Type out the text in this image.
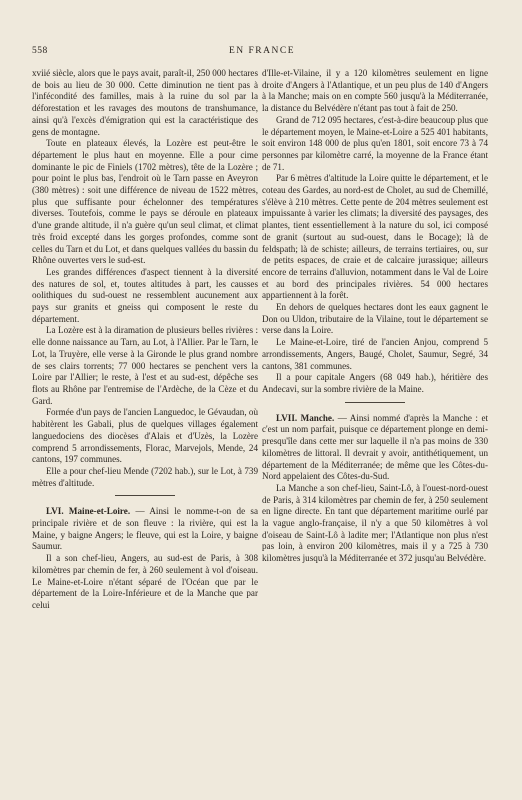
558	EN FRANCE

xviié siècle, alors que le pays avait, paraît-il, 250 000 hectares de bois au lieu de 30 000. Cette diminution ne tient pas à l'infécondité des familles, mais à la ruine du sol par la déforestation et les ravages des moutons de transhumance, ainsi qu'à l'excès d'émigration qui est la caractéristique des gens de montagne.

Toute en plateaux élevés, la Lozère est peut-être le département le plus haut en moyenne. Elle a pour cime dominante le pic de Finiels (1702 mètres), tête de la Lozère ; pour point le plus bas, l'endroit où le Tarn passe en Aveyron (380 mètres) : soit une différence de niveau de 1522 mètres, plus que suffisante pour échelonner des températures diverses. Toutefois, comme le pays se déroule en plateaux d'une grande altitude, il n'a guère qu'un seul climat, et climat très froid excepté dans les gorges profondes, comme sont celles du Tarn et du Lot, et dans quelques vallées du bassin du Rhône ouvertes vers le sud-est.

Les grandes différences d'aspect tiennent à la diversité des natures de sol, et, toutes altitudes à part, les causses oolithiques du sud-ouest ne ressemblent aucunement aux pays sur granits et gneiss qui composent le reste du département.

La Lozère est à la diramation de plusieurs belles rivières : elle donne naissance au Tarn, au Lot, à l'Allier. Par le Tarn, le Lot, la Truyère, elle verse à la Gironde le plus grand nombre de ses clairs torrents; 77 000 hectares se penchent vers la Loire par l'Allier; le reste, à l'est et au sud-est, dépêche ses flots au Rhône par l'entremise de l'Ardèche, de la Cèze et du Gard.

Formée d'un pays de l'ancien Languedoc, le Gévaudan, où habitèrent les Gabali, plus de quelques villages également languedociens des diocèses d'Alais et d'Uzès, la Lozère comprend 5 arrondissements, Florac, Marvejols, Mende, 24 cantons, 197 communes.

Elle a pour chef-lieu Mende (7202 hab.), sur le Lot, à 739 mètres d'altitude.

LVI. Maine-et-Loire. — Ainsi le nomme-t-on de sa principale rivière et de son fleuve : la rivière, qui est la Maine, y baigne Angers; le fleuve, qui est la Loire, y baigne Saumur.

Il a son chef-lieu, Angers, au sud-est de Paris, à 308 kilomètres par chemin de fer, à 260 seulement à vol d'oiseau. Le Maine-et-Loire n'étant séparé de l'Océan que par le département de la Loire-Inférieure et de la Manche que par celui

d'Ille-et-Vilaine, il y a 120 kilomètres seulement en ligne droite d'Angers à l'Atlantique, et un peu plus de 140 d'Angers à la Manche; mais on en compte 560 jusqu'à la Méditerranée, la distance du Belvédère n'étant pas tout à fait de 250.

Grand de 712 095 hectares, c'est-à-dire beaucoup plus que le département moyen, le Maine-et-Loire a 525 401 habitants, soit environ 148 000 de plus qu'en 1801, soit encore 73 à 74 personnes par kilomètre carré, la moyenne de la France étant de 71.

Par 6 mètres d'altitude la Loire quitte le département, et le coteau des Gardes, au nord-est de Cholet, au sud de Chemillé, s'élève à 210 mètres. Cette pente de 204 mètres seulement est impuissante à varier les climats; la diversité des paysages, des plantes, tient essentiellement à la nature du sol, ici composé de granit (surtout au sud-ouest, dans le Bocage); là de feldspath; là de schiste; ailleurs, de terrains tertiaires, ou, sur de petits espaces, de craie et de calcaire jurassique; ailleurs encore de terrains d'alluvion, notamment dans le Val de Loire et au bord des principales rivières. 54 000 hectares appartiennent à la forêt.

En dehors de quelques hectares dont les eaux gagnent le Don ou Uldon, tributaire de la Vilaine, tout le département se verse dans la Loire.

Le Maine-et-Loire, tiré de l'ancien Anjou, comprend 5 arrondissements, Angers, Baugé, Cholet, Saumur, Segré, 34 cantons, 381 communes.

Il a pour capitale Angers (68 049 hab.), héritière des Andecavi, sur la sombre rivière de la Maine.

LVII. Manche. — Ainsi nommé d'après la Manche : et c'est un nom parfait, puisque ce département plonge en demi-presqu'île dans cette mer sur laquelle il n'a pas moins de 330 kilomètres de littoral. Il devrait y avoir, antithétiquement, un département de la Méditerranée; de même que les Côtes-du-Nord appelaient des Côtes-du-Sud.

La Manche a son chef-lieu, Saint-Lô, à l'ouest-nord-ouest de Paris, à 314 kilomètres par chemin de fer, à 250 seulement en ligne directe. En tant que département maritime ourlé par la vague anglo-française, il n'y a que 50 kilomètres à vol d'oiseau de Saint-Lô à ladite mer; l'Atlantique non plus n'est pas loin, à environ 200 kilomètres, mais il y a 725 à 730 kilomètres jusqu'à la Méditerranée et 372 jusqu'au Belvédère.
